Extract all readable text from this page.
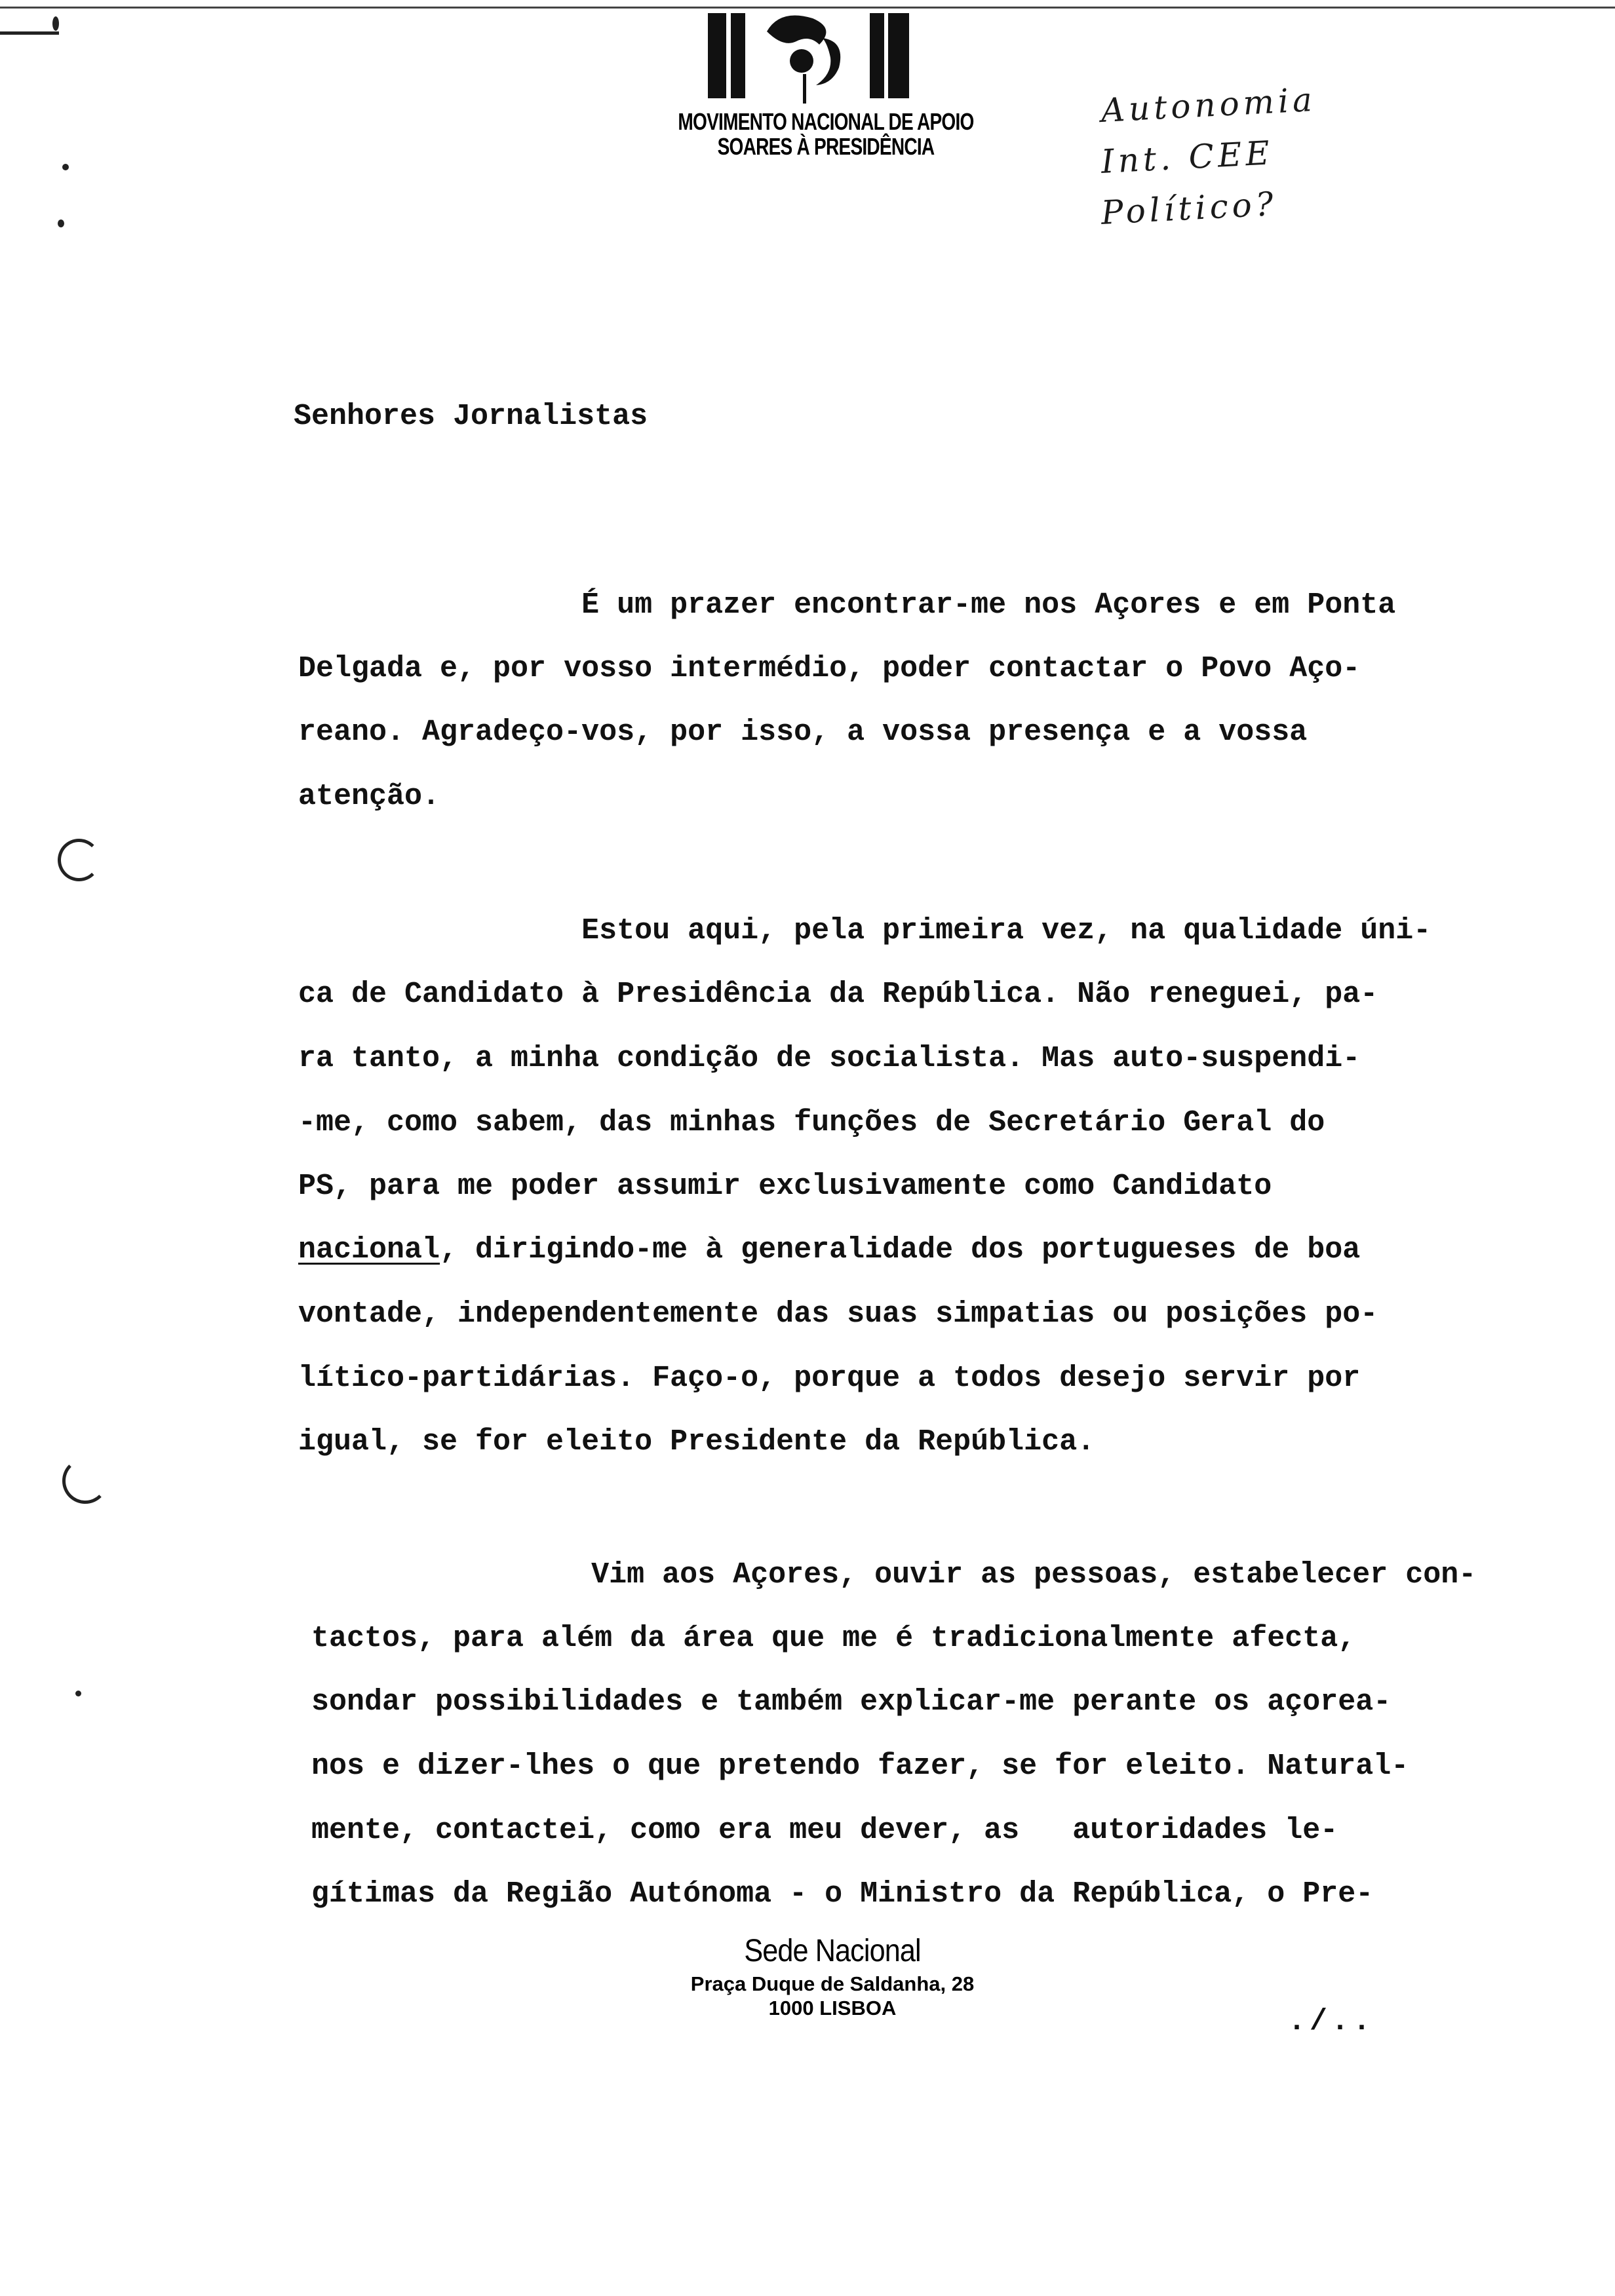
MOVIMENTO NACIONAL DE APOIO
SOARES À PRESIDÊNCIA
Autonomia
Int. CEE
Político?
Senhores Jornalistas
É um prazer encontrar-me nos Açores e em Ponta
Delgada e, por vosso intermédio, poder contactar o Povo Aço-
reano. Agradeço-vos, por isso, a vossa presença e a vossa
atenção.
Estou aqui, pela primeira vez, na qualidade úni-
ca de Candidato à Presidência da República. Não reneguei, pa-
ra tanto, a minha condição de socialista. Mas auto-suspendi-
-me, como sabem, das minhas funções de Secretário Geral do
PS, para me poder assumir exclusivamente como Candidato
nacional, dirigindo-me à generalidade dos portugueses de boa
vontade, independentemente das suas simpatias ou posições po-
lítico-partidárias. Faço-o, porque a todos desejo servir por
igual, se for eleito Presidente da República.
Vim aos Açores, ouvir as pessoas, estabelecer con-
tactos, para além da área que me é tradicionalmente afecta,
sondar possibilidades e também explicar-me perante os açorea-
nos e dizer-lhes o que pretendo fazer, se for eleito. Natural-
mente, contactei, como era meu dever, as   autoridades le-
gítimas da Região Autónoma - o Ministro da República, o Pre-
Sede Nacional
Praça Duque de Saldanha, 28
1000 LISBOA	./..
